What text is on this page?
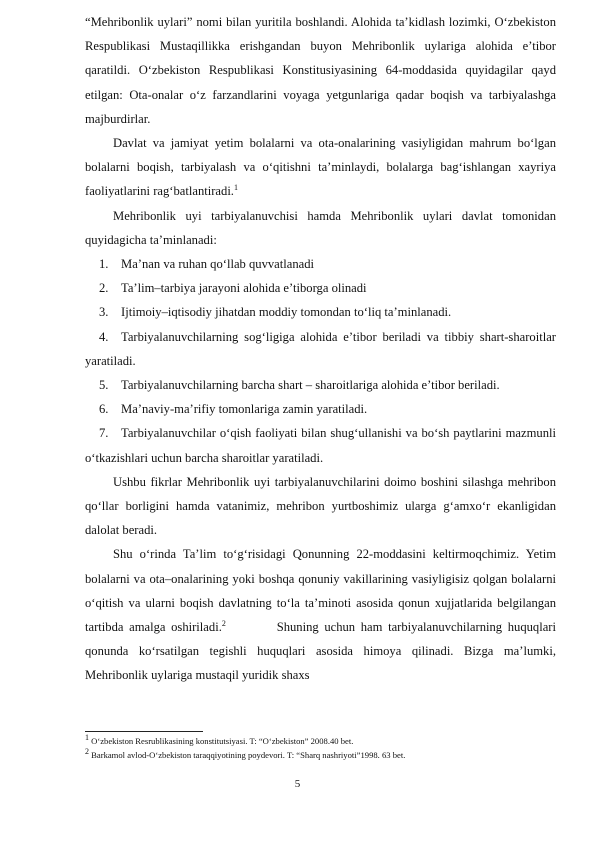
“Mehribonlik uylari” nomi bilan yuritila boshlandi. Alohida ta’kidlash lozimki, O‘zbekiston Respublikasi Mustaqillikka erishgandan buyon Mehribonlik uylariga alohida e’tibor qaratildi. O‘zbekiston Respublikasi Konstitusiyasining 64-moddasida quyidagilar qayd etilgan: Ota-onalar o‘z farzandlarini voyaga yetgunlariga qadar boqish va tarbiyalashga majburdirlar.

Davlat va jamiyat yetim bolalarni va ota-onalarining vasiyligidan mahrum bo‘lgan bolalarni boqish, tarbiyalash va o‘qitishni ta’minlaydi, bolalarga bag‘ishlangan xayriya faoliyatlarini rag‘batlantiradi.$^1$

Mehribonlik uyi tarbiyalanuvchisi hamda Mehribonlik uylari davlat tomonidan quyidagicha ta’minlanadi:

1. Ma’nan va ruhan qo‘llab quvvatlanadi
2. Ta’lim–tarbiya jarayoni alohida e’tiborga olinadi
3. Ijtimoiy–iqtisodiy jihatdan moddiy tomondan to‘liq ta’minlanadi.

4. Tarbiyalanuvchilarning sog‘ligiga alohida e’tibor beriladi va tibbiy shart-sharoitlar yaratiladi.

5. Tarbiyalanuvchilarning barcha shart – sharoitlariga alohida e’tibor beriladi.
6. Ma’naviy-ma’rifiy tomonlariga zamin yaratiladi.

7. Tarbiyalanuvchilar o‘qish faoliyati bilan shug‘ullanishi va bo‘sh paytlarini mazmunli o‘tkazishlari uchun barcha sharoitlar yaratiladi.

Ushbu fikrlar Mehribonlik uyi tarbiyalanuvchilarini doimo boshini silashga mehribon qo‘llar borligini hamda vatanimiz, mehribon yurtboshimiz ularga g‘amxo‘r ekanligidan dalolat beradi.

Shu o‘rinda Ta’lim to‘g‘risidagi Qonunning 22-moddasini keltirmoqchimiz. Yetim bolalarni va ota–onalarining yoki boshqa qonuniy vakillarining vasiyligisiz qolgan bolalarni o‘qitish va ularni boqish davlatning to‘la ta’minoti asosida qonun xujjatlarida belgilangan tartibda amalga oshiriladi.$^2$	Shuning uchun ham tarbiyalanuvchilarning huquqlari qonunda ko‘rsatilgan tegishli huquqlari asosida himoya qilinadi. Bizga ma’lumki, Mehribonlik uylariga mustaqil yuridik shaxs

$^1$ O‘zbekiston Resrublikasining konstitutsiyasi. T: “O‘zbekiston” 2008.40 bet.
$^2$ Barkamol avlod-O‘zbekiston taraqqiyotining poydevori. T: “Sharq nashriyoti”1998. 63 bet.
5
